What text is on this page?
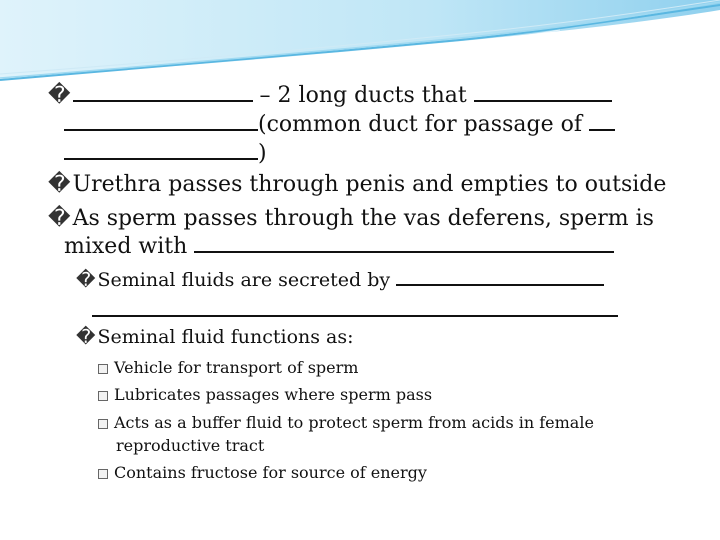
�	– 2 long ducts that
(common duct for passage of
)
�Urethra passes through penis and empties to outside
�As sperm passes through the vas deferens, sperm is
mixed with
� Seminal fluids are secreted by
� Seminal fluid functions as:
Vehicle for transport of sperm
Lubricates passages where sperm pass
Acts as a buffer fluid to protect sperm from acids in female
reproductive tract
Contains fructose for source of energy
